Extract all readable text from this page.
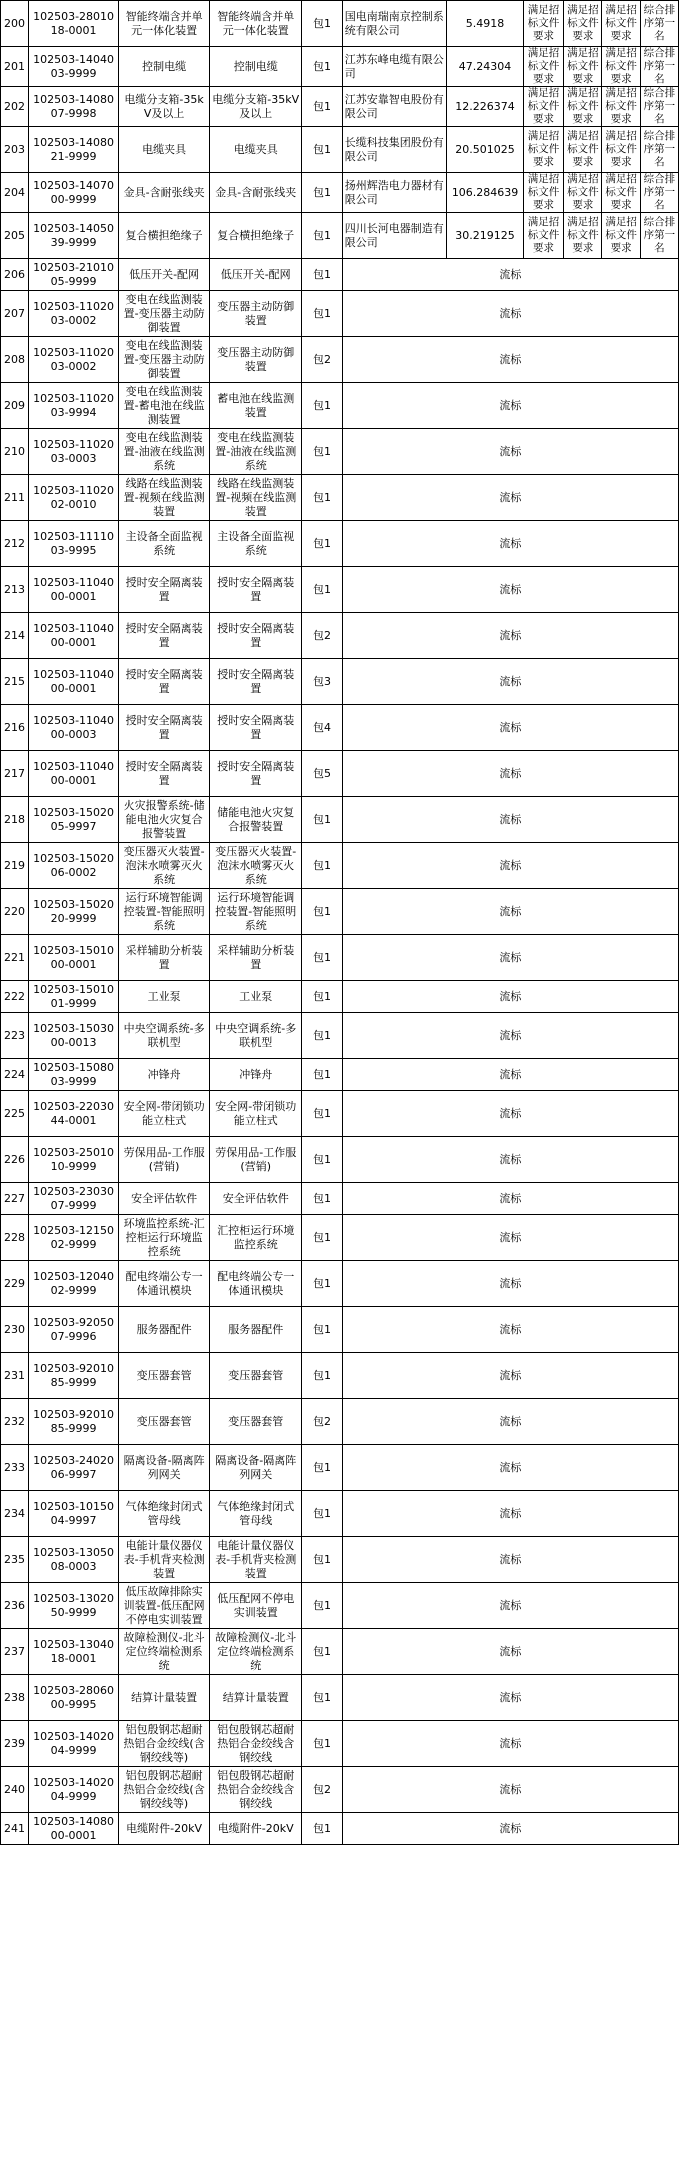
200	102503-2801018-0001	智能终端含并单元一体化装置	智能终端含并单元一体化装置	包1	国电南瑞南京控制系统有限公司	5.4918	满足招标文件要求	满足招标文件要求	满足招标文件要求	综合排序第一名
201	102503-1404003-9999	控制电缆	控制电缆	包1	江苏东峰电缆有限公司	47.24304	满足招标文件要求	满足招标文件要求	满足招标文件要求	综合排序第一名
202	102503-1408007-9998	电缆分支箱-35kV及以上	电缆分支箱-35kV及以上	包1	江苏安靠智电股份有限公司	12.226374	满足招标文件要求	满足招标文件要求	满足招标文件要求	综合排序第一名
203	102503-1408021-9999	电缆夹具	电缆夹具	包1	长缆科技集团股份有限公司	20.501025	满足招标文件要求	满足招标文件要求	满足招标文件要求	综合排序第一名
204	102503-1407000-9999	金具-含耐张线夹	金具-含耐张线夹	包1	扬州辉浩电力器材有限公司	106.284639	满足招标文件要求	满足招标文件要求	满足招标文件要求	综合排序第一名
205	102503-1405039-9999	复合横担绝缘子	复合横担绝缘子	包1	四川长河电器制造有限公司	30.219125	满足招标文件要求	满足招标文件要求	满足招标文件要求	综合排序第一名
206	102503-2101005-9999	低压开关-配网	低压开关-配网	包1	流标					
207	102503-1102003-0002	变电在线监测装置-变压器主动防御装置	变压器主动防御装置	包1	流标					
208	102503-1102003-0002	变电在线监测装置-变压器主动防御装置	变压器主动防御装置	包2	流标					
209	102503-1102003-9994	变电在线监测装置-蓄电池在线监测装置	蓄电池在线监测装置	包1	流标					
210	102503-1102003-0003	变电在线监测装置-油液在线监测系统	变电在线监测装置-油液在线监测系统	包1	流标					
211	102503-1102002-0010	线路在线监测装置-视频在线监测装置	线路在线监测装置-视频在线监测装置	包1	流标					
212	102503-1111003-9995	主设备全面监视系统	主设备全面监视系统	包1	流标					
213	102503-1104000-0001	授时安全隔离装置	授时安全隔离装置	包1	流标					
214	102503-1104000-0001	授时安全隔离装置	授时安全隔离装置	包2	流标					
215	102503-1104000-0001	授时安全隔离装置	授时安全隔离装置	包3	流标					
216	102503-1104000-0003	授时安全隔离装置	授时安全隔离装置	包4	流标					
217	102503-1104000-0001	授时安全隔离装置	授时安全隔离装置	包5	流标					
218	102503-1502005-9997	火灾报警系统-储能电池火灾复合报警装置	储能电池火灾复合报警装置	包1	流标					
219	102503-1502006-0002	变压器灭火装置-泡沫水喷雾灭火系统	变压器灭火装置-泡沫水喷雾灭火系统	包1	流标					
220	102503-1502020-9999	运行环境智能调控装置-智能照明系统	运行环境智能调控装置-智能照明系统	包1	流标					
221	102503-1501000-0001	采样辅助分析装置	采样辅助分析装置	包1	流标					
222	102503-1501001-9999	工业泵	工业泵	包1	流标					
223	102503-1503000-0013	中央空调系统-多联机型	中央空调系统-多联机型	包1	流标					
224	102503-1508003-9999	冲锋舟	冲锋舟	包1	流标					
225	102503-2203044-0001	安全网-带闭锁功能立柱式	安全网-带闭锁功能立柱式	包1	流标					
226	102503-2501010-9999	劳保用品-工作服(营销)	劳保用品-工作服(营销)	包1	流标					
227	102503-2303007-9999	安全评估软件	安全评估软件	包1	流标					
228	102503-1215002-9999	环境监控系统-汇控柜运行环境监控系统	汇控柜运行环境监控系统	包1	流标					
229	102503-1204002-9999	配电终端公专一体通讯模块	配电终端公专一体通讯模块	包1	流标					
230	102503-9205007-9996	服务器配件	服务器配件	包1	流标					
231	102503-9201085-9999	变压器套管	变压器套管	包1	流标					
232	102503-9201085-9999	变压器套管	变压器套管	包2	流标					
233	102503-2402006-9997	隔离设备-隔离阵列网关	隔离设备-隔离阵列网关	包1	流标					
234	102503-1015004-9997	气体绝缘封闭式管母线	气体绝缘封闭式管母线	包1	流标					
235	102503-1305008-0003	电能计量仪器仪表-手机背夹检测装置	电能计量仪器仪表-手机背夹检测装置	包1	流标					
236	102503-1302050-9999	低压故障排除实训装置-低压配网不停电实训装置	低压配网不停电实训装置	包1	流标					
237	102503-1304018-0001	故障检测仪-北斗定位终端检测系统	故障检测仪-北斗定位终端检测系统	包1	流标					
238	102503-2806000-9995	结算计量装置	结算计量装置	包1	流标					
239	102503-1402004-9999	铝包殷钢芯超耐热铝合金绞线(含钢绞线等)	铝包殷钢芯超耐热铝合金绞线含钢绞线	包1	流标					
240	102503-1402004-9999	铝包殷钢芯超耐热铝合金绞线(含钢绞线等)	铝包殷钢芯超耐热铝合金绞线含钢绞线	包2	流标					
241	102503-1408000-0001	电缆附件-20kV	电缆附件-20kV	包1	流标					
